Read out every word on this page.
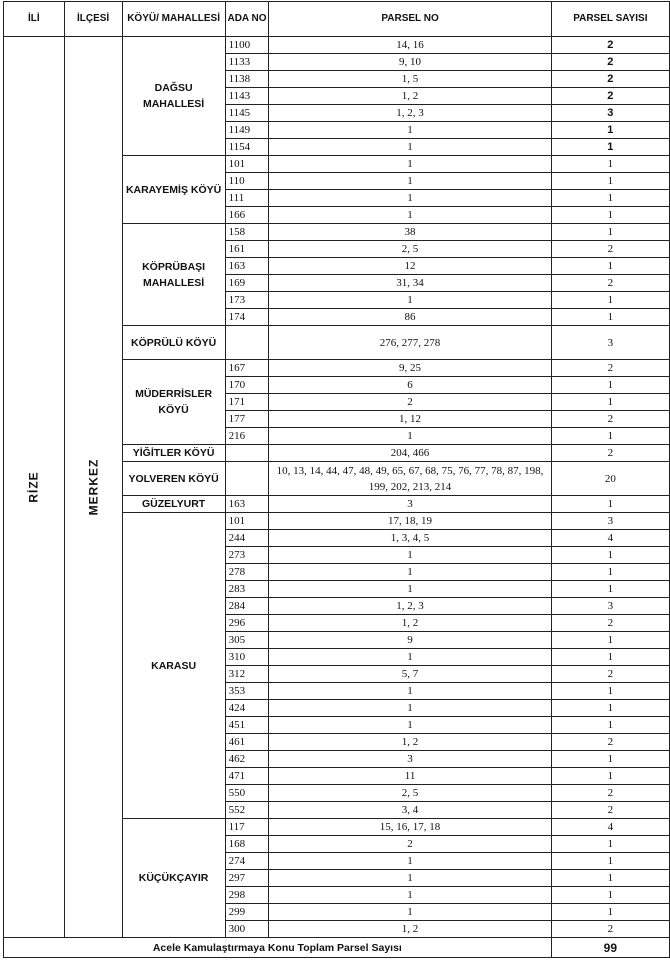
İLİ	İLÇESİ	KÖYÜ/ MAHALLESİ	ADA NO	PARSEL NO	PARSEL SAYISI
RİZE	MERKEZ	DAĞSU MAHALLESİ	1100	14, 16	2
			1133	9, 10	2
			1138	1, 5	2
			1143	1, 2	2
			1145	1, 2, 3	3
			1149	1	1
			1154	1	1
		KARAYEMİŞ KÖYÜ	101	1	1
			110	1	1
			111	1	1
			166	1	1
		KÖPRÜBAŞI MAHALLESİ	158	38	1
			161	2, 5	2
			163	12	1
			169	31, 34	2
			173	1	1
			174	86	1
		KÖPRÜLÜ KÖYÜ		276, 277, 278	3
		MÜDERRİSLER KÖYÜ	167	9, 25	2
			170	6	1
			171	2	1
			177	1, 12	2
			216	1	1
		YİĞİTLER KÖYÜ		204, 466	2
		YOLVEREN KÖYÜ		10, 13, 14, 44, 47, 48, 49, 65, 67, 68, 75, 76, 77, 78, 87, 198, 199, 202, 213, 214	20
		GÜZELYURT	163	3	1
		KARASU	101	17, 18, 19	3
			244	1, 3, 4, 5	4
			273	1	1
			278	1	1
			283	1	1
			284	1, 2, 3	3
			296	1, 2	2
			305	9	1
			310	1	1
			312	5, 7	2
			353	1	1
			424	1	1
			451	1	1
			461	1, 2	2
			462	3	1
			471	11	1
			550	2, 5	2
			552	3, 4	2
		KÜÇÜKÇAYIR	117	15, 16, 17, 18	4
			168	2	1
			274	1	1
			297	1	1
			298	1	1
			299	1	1
			300	1, 2	2
Acele Kamulaştırmaya Konu Toplam Parsel Sayısı					99
